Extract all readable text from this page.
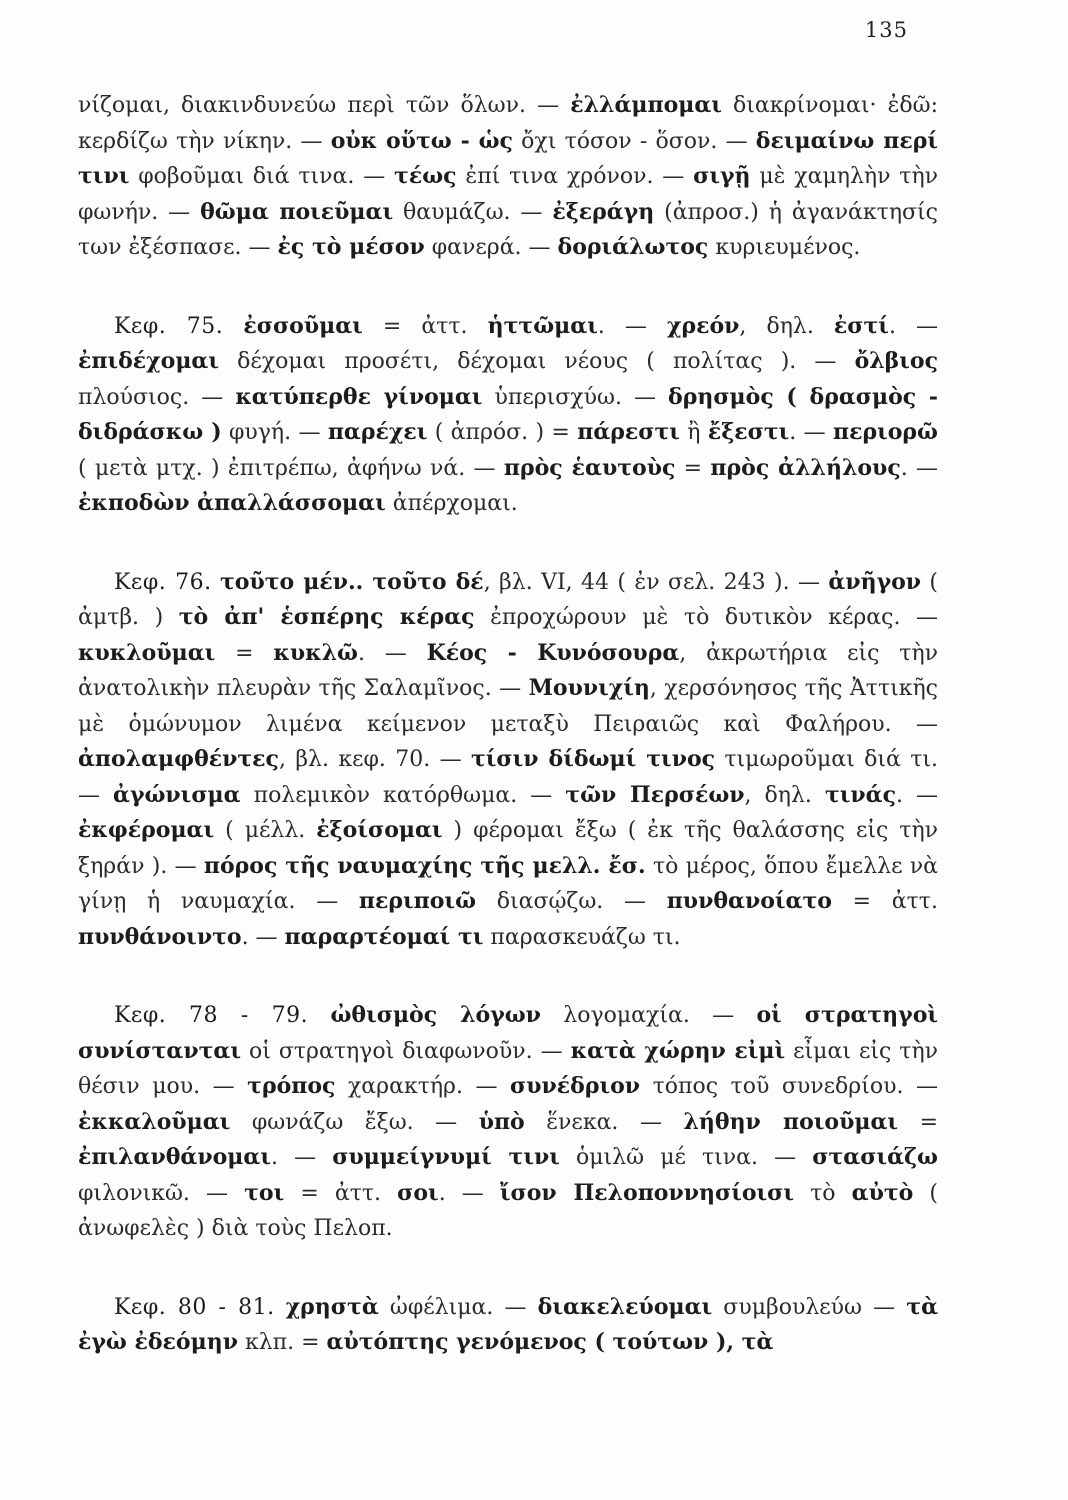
135

νίζομαι, διακινδυνεύω περὶ τῶν ὅλων. — ἐλλάμπομαι διακρίνομαι· ἐδῶ: κερδίζω τὴν νίκην. — οὐκ οὕτω - ὡς ὄχι τόσον - ὅσον. — δειμαίνω περί τινι φοβοῦμαι διά τινα. — τέως ἐπί τινα χρόνον. — σιγῇ μὲ χαμηλὴν τὴν φωνήν. — θῶμα ποιεῦμαι θαυμάζω. — ἐξεράγη (ἀπροσ.) ἡ ἀγανάκτησίς των ἐξέσπασε. — ἐς τὸ μέσον φανερά. — δοριάλωτος κυριευμένος.

Κεφ. 75. ἐσσοῦμαι = ἀττ. ἡττῶμαι. — χρεόν, δηλ. ἐστί. — ἐπιδέχομαι δέχομαι προσέτι, δέχομαι νέους ( πολίτας ). — ὄλβιος πλούσιος. — κατύπερθε γίνομαι ὑπερισχύω. — δρησμὸς ( δρασμὸς - διδράσκω ) φυγή. — παρέχει ( ἀπρόσ. ) = πάρεστι ἢ ἔξεστι. — περιορῶ ( μετὰ μτχ. ) ἐπιτρέπω, ἀφήνω νά. — πρὸς ἑαυτοὺς = πρὸς ἀλλήλους. — ἐκποδὼν ἀπαλλάσσομαι ἀπέρχομαι.

Κεφ. 76. τοῦτο μέν.. τοῦτο δέ, βλ. VI, 44 ( ἐν σελ. 243 ). — ἀνῆγον ( ἀμτβ. ) τὸ ἀπ' ἑσπέρης κέρας ἐπροχώρουν μὲ τὸ δυτικὸν κέρας. — κυκλοῦμαι = κυκλῶ. — Κέος - Κυνόσουρα, ἀκρωτήρια εἰς τὴν ἀνατολικὴν πλευρὰν τῆς Σαλαμῖνος. — Μουνιχίη, χερσόνησος τῆς Ἀττικῆς μὲ ὁμώνυμον λιμένα κείμενον μεταξὺ Πειραιῶς καὶ Φαλήρου. — ἀπολαμφθέντες, βλ. κεφ. 70. — τίσιν δίδωμί τινος τιμωροῦμαι διά τι. — ἀγώνισμα πολεμικὸν κατόρθωμα. — τῶν Περσέων, δηλ. τινάς. — ἐκφέρομαι ( μέλλ. ἐξοίσομαι ) φέρομαι ἔξω ( ἐκ τῆς θαλάσσης εἰς τὴν ξηράν ). — πόρος τῆς ναυμαχίης τῆς μελλ. ἔσ. τὸ μέρος, ὅπου ἔμελλε νὰ γίνῃ ἡ ναυμαχία. — περιποιῶ διασῴζω. — πυνθανοίατο = ἀττ. πυνθάνοιντο. — παραρτέομαί τι παρασκευάζω τι.

Κεφ. 78 - 79. ὠθισμὸς λόγων λογομαχία. — οἱ στρατηγοὶ συνίστανται οἱ στρατηγοὶ διαφωνοῦν. — κατὰ χώρην εἰμὶ εἶμαι εἰς τὴν θέσιν μου. — τρόπος χαρακτήρ. — συνέδριον τόπος τοῦ συνεδρίου. — ἐκκαλοῦμαι φωνάζω ἔξω. — ὑπὸ ἕνεκα. — λήθην ποιοῦμαι = ἐπιλανθάνομαι. — συμμείγνυμί τινι ὁμιλῶ μέ τινα. — στασιάζω φιλονικῶ. — τοι = ἀττ. σοι. — ἴσον Πελοποννησίοισι τὸ αὐτὸ ( ἀνωφελὲς ) διὰ τοὺς Πελοπ.

Κεφ. 80 - 81. χρηστὰ ὠφέλιμα. — διακελεύομαι συμβουλεύω — τὰ ἐγὼ ἐδεόμην κλπ. = αὐτόπτης γενόμενος ( τούτων ), τὰ
